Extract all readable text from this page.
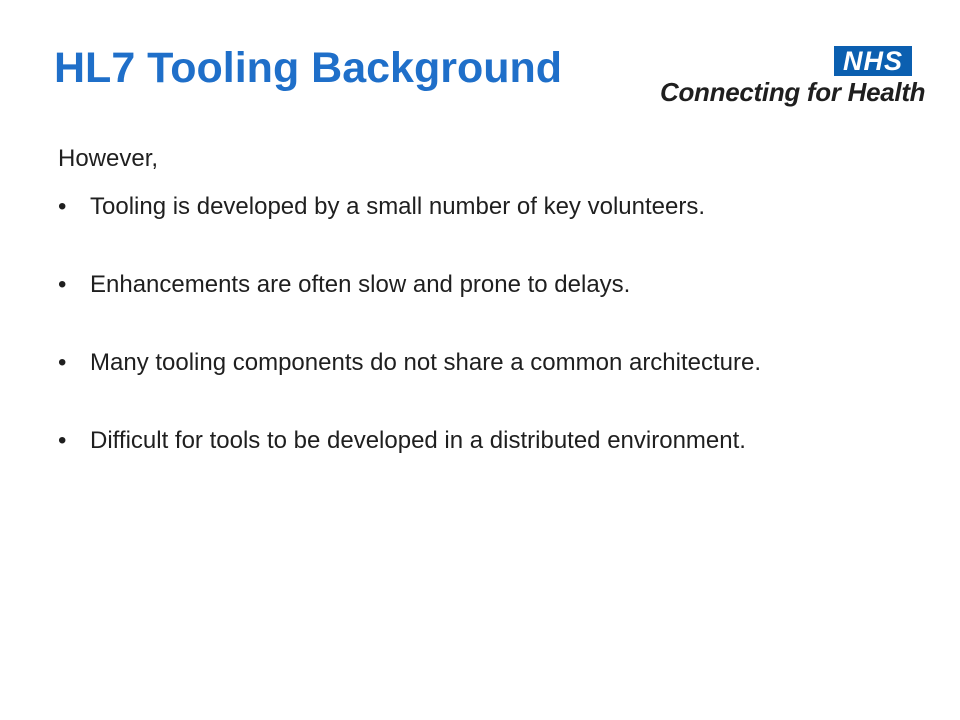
HL7 Tooling Background	NHS
Connecting for Health

However,

• Tooling is developed by a small number of key volunteers.
• Enhancements are often slow and prone to delays.
• Many tooling components do not share a common architecture.
• Difficult for tools to be developed in a distributed environment.
